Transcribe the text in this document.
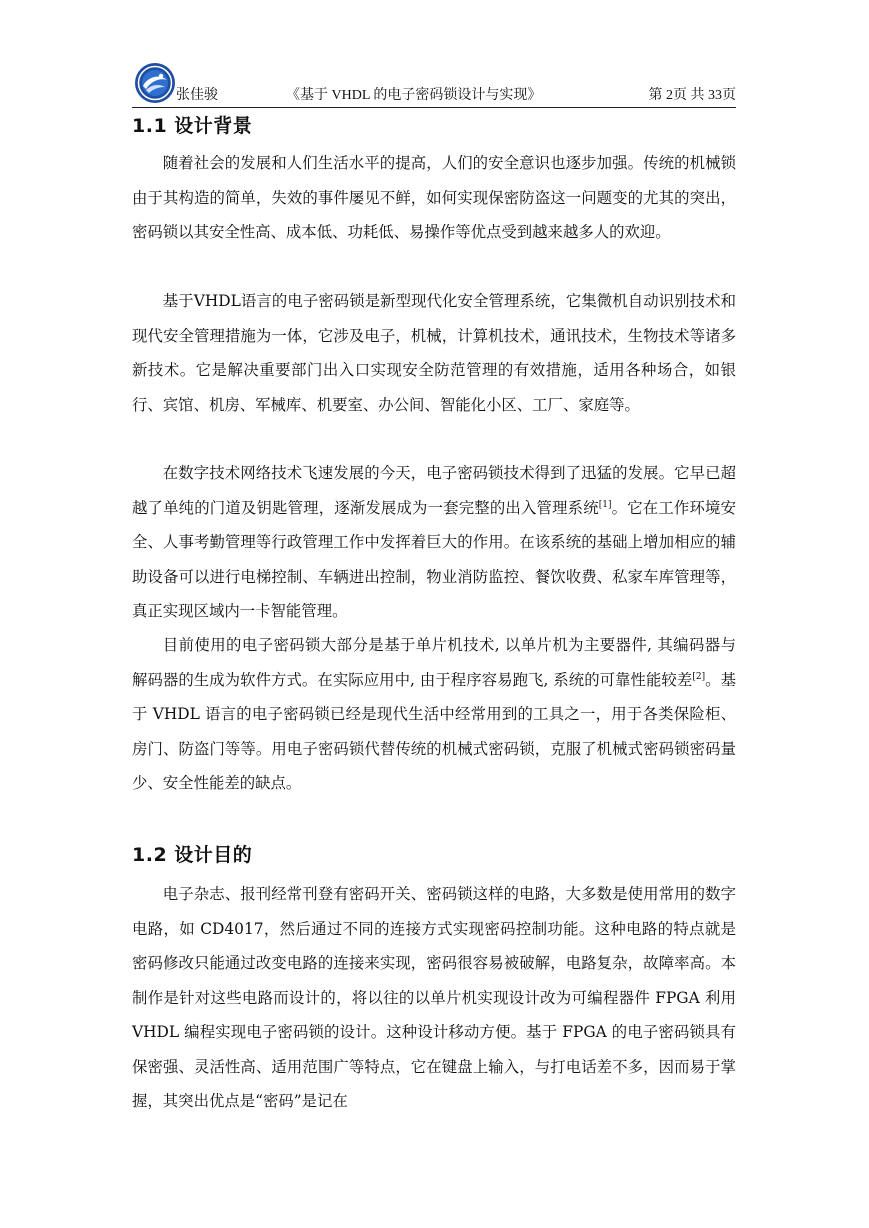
张佳骏	《基于 VHDL 的电子密码锁设计与实现》	第 2页 共 33页
1.1 设计背景

随着社会的发展和人们生活水平的提高，人们的安全意识也逐步加强。传统的机械锁由于其构造的简单，失效的事件屡见不鲜，如何实现保密防盗这一问题变的尤其的突出，密码锁以其安全性高、成本低、功耗低、易操作等优点受到越来越多人的欢迎。

基于VHDL语言的电子密码锁是新型现代化安全管理系统，它集微机自动识别技术和现代安全管理措施为一体，它涉及电子，机械，计算机技术，通讯技术，生物技术等诸多新技术。它是解决重要部门出入口实现安全防范管理的有效措施，适用各种场合，如银行、宾馆、机房、军械库、机要室、办公间、智能化小区、工厂、家庭等。

在数字技术网络技术飞速发展的今天，电子密码锁技术得到了迅猛的发展。它早已超越了单纯的门道及钥匙管理，逐渐发展成为一套完整的出入管理系统[1]。它在工作环境安全、人事考勤管理等行政管理工作中发挥着巨大的作用。在该系统的基础上增加相应的辅助设备可以进行电梯控制、车辆进出控制，物业消防监控、餐饮收费、私家车库管理等，真正实现区域内一卡智能管理。

目前使用的电子密码锁大部分是基于单片机技术, 以单片机为主要器件, 其编码器与解码器的生成为软件方式。在实际应用中, 由于程序容易跑飞, 系统的可靠性能较差[2]。基于 VHDL 语言的电子密码锁已经是现代生活中经常用到的工具之一，用于各类保险柜、房门、防盗门等等。用电子密码锁代替传统的机械式密码锁，克服了机械式密码锁密码量少、安全性能差的缺点。

1.2 设计目的

电子杂志、报刊经常刊登有密码开关、密码锁这样的电路，大多数是使用常用的数字电路，如 CD4017，然后通过不同的连接方式实现密码控制功能。这种电路的特点就是密码修改只能通过改变电路的连接来实现，密码很容易被破解，电路复杂，故障率高。本制作是针对这些电路而设计的，将以往的以单片机实现设计改为可编程器件 FPGA 利用 VHDL 编程实现电子密码锁的设计。这种设计移动方便。基于 FPGA 的电子密码锁具有保密强、灵活性高、适用范围广等特点，它在键盘上输入，与打电话差不多，因而易于掌握，其突出优点是“密码”是记在
